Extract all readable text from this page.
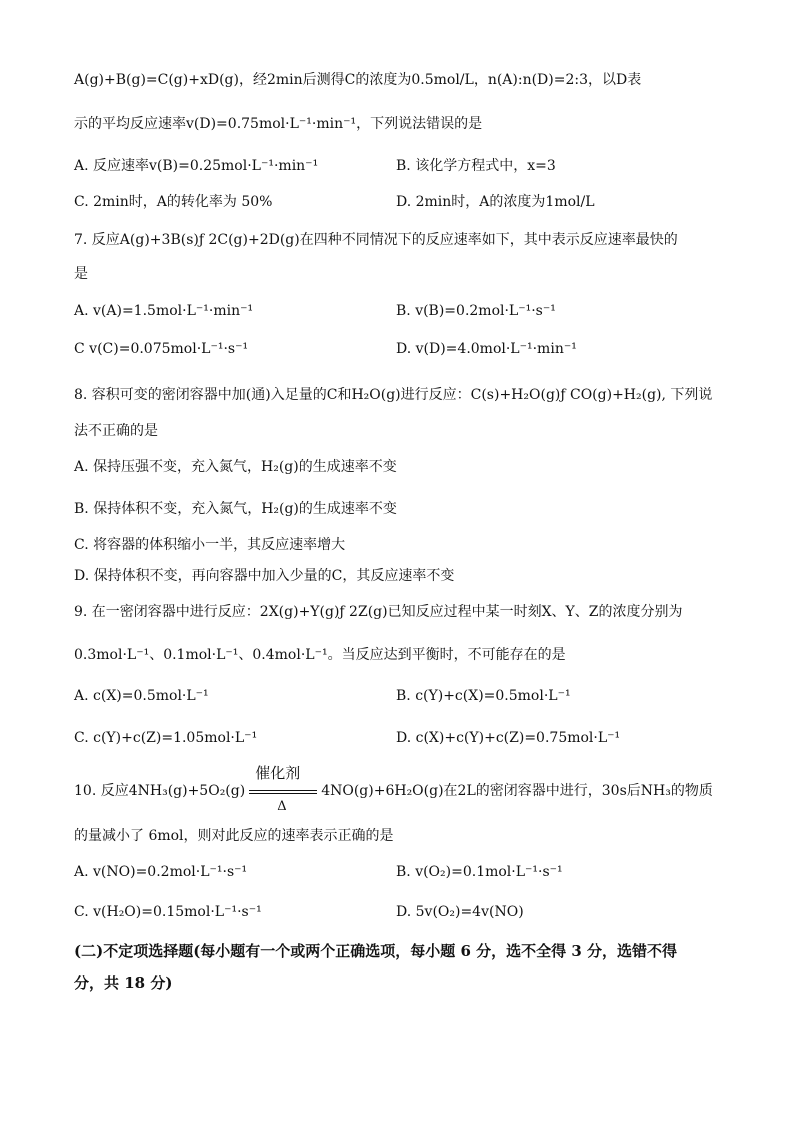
A(g)+B(g)=C(g)+xD(g)，经2min后测得C的浓度为0.5mol/L，n(A):n(D)=2:3，以D表
示的平均反应速率v(D)=0.75mol·L⁻¹·min⁻¹，下列说法错误的是
A. 反应速率v(B)=0.25mol·L⁻¹·min⁻¹	B. 该化学方程式中，x=3
C. 2min时，A的转化率为 50%	D. 2min时，A的浓度为1mol/L
7. 反应A(g)+3B(s)ƒ 2C(g)+2D(g)在四种不同情况下的反应速率如下，其中表示反应速率最快的
是
A. v(A)=1.5mol·L⁻¹·min⁻¹	B. v(B)=0.2mol·L⁻¹·s⁻¹
C v(C)=0.075mol·L⁻¹·s⁻¹	D. v(D)=4.0mol·L⁻¹·min⁻¹
8. 容积可变的密闭容器中加(通)入足量的C和H₂O(g)进行反应：C(s)+H₂O(g)ƒ CO(g)+H₂(g), 下列说
法不正确的是
A. 保持压强不变，充入氮气，H₂(g)的生成速率不变
B. 保持体积不变，充入氮气，H₂(g)的生成速率不变
C. 将容器的体积缩小一半，其反应速率增大
D. 保持体积不变，再向容器中加入少量的C，其反应速率不变
9. 在一密闭容器中进行反应：2X(g)+Y(g)ƒ 2Z(g)已知反应过程中某一时刻X、Y、Z的浓度分别为
0.3mol·L⁻¹、0.1mol·L⁻¹、0.4mol·L⁻¹。当反应达到平衡时，不可能存在的是
A. c(X)=0.5mol·L⁻¹	B. c(Y)+c(X)=0.5mol·L⁻¹
C. c(Y)+c(Z)=1.05mol·L⁻¹	D. c(X)+c(Y)+c(Z)=0.75mol·L⁻¹
10. 反应4NH₃(g)+5O₂(g)
催化剂
Δ
4NO(g)+6H₂O(g)在2L的密闭容器中进行，30s后NH₃的物质
的量减小了 6mol，则对此反应的速率表示正确的是
A. v(NO)=0.2mol·L⁻¹·s⁻¹	B. v(O₂)=0.1mol·L⁻¹·s⁻¹
C. v(H₂O)=0.15mol·L⁻¹·s⁻¹	D. 5v(O₂)=4v(NO)
(二)不定项选择题(每小题有一个或两个正确选项，每小题 6 分，选不全得 3 分，选错不得
分，共 18 分)
